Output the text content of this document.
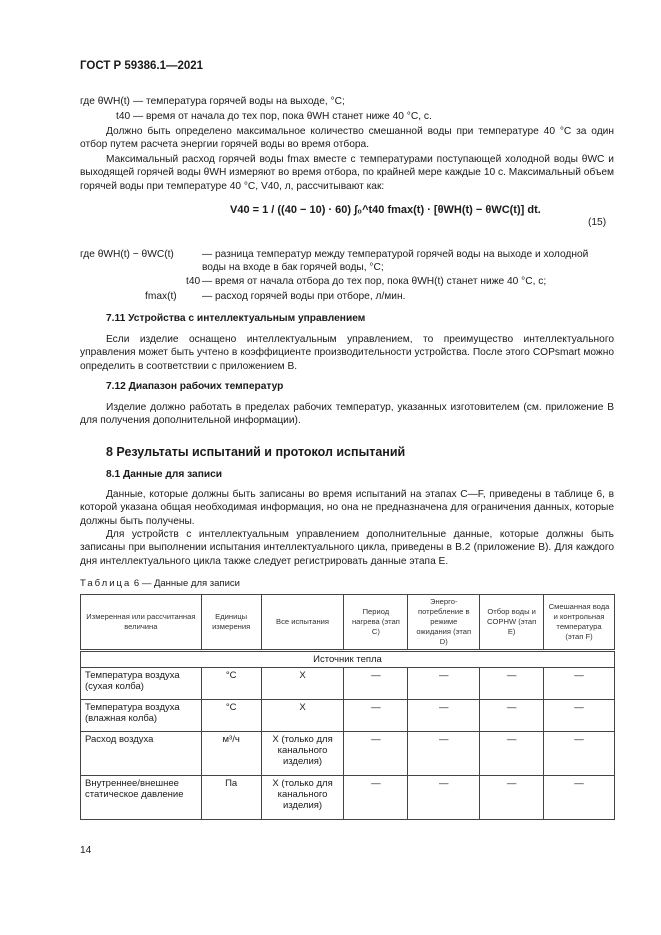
ГОСТ Р 59386.1—2021
где θWH(t) — температура горячей воды на выходе, °С;
t40 — время от начала до тех пор, пока θWH станет ниже 40 °С, с.
Должно быть определено максимальное количество смешанной воды при температуре 40 °С за один отбор путем расчета энергии горячей воды во время отбора.
Максимальный расход горячей воды fmax вместе с температурами поступающей холодной воды θWC и выходящей горячей воды θWH измеряют во время отбора, по крайней мере каждые 10 с. Максимальный объем горячей воды при температуре 40 °С, V40, л, рассчитывают как:
V40 = 1 / ((40 − 10) · 60) ∫₀^t40 fmax(t) · [θWH(t) − θWC(t)] dt.
(15)
где θWH(t) − θWC(t)	— разница температур между температурой горячей воды на выходе и холодной воды на входе в бак горячей воды, °С;
t40 — время от начала отбора до тех пор, пока θWH(t) станет ниже 40 °С, с;
fmax(t) — расход горячей воды при отборе, л/мин.
7.11 Устройства с интеллектуальным управлением
Если изделие оснащено интеллектуальным управлением, то преимущество интеллектуального управления может быть учтено в коэффициенте производительности устройства. После этого COPsmart можно определить в соответствии с приложением В.
7.12 Диапазон рабочих температур
Изделие должно работать в пределах рабочих температур, указанных изготовителем (см. приложение В для получения дополнительной информации).
8 Результаты испытаний и протокол испытаний
8.1 Данные для записи
Данные, которые должны быть записаны во время испытаний на этапах С—F, приведены в таблице 6, в которой указана общая необходимая информация, но она не предназначена для ограничения данных, которые должны быть получены.
Для устройств с интеллектуальным управлением дополнительные данные, которые должны быть записаны при выполнении испытания интеллектуального цикла, приведены в В.2 (приложение В). Для каждого дня интеллектуального цикла также следует регистрировать данные этапа Е.
Таблица 6 — Данные для записи
Измеренная или рассчитанная величина	Единицы измерения	Все испытания	Период нагрева (этап С)	Энерго-потребление в режиме ожидания (этап D)	Отбор воды и COPHW (этап Е)	Смешанная вода и контрольная температура (этап F)
Источник тепла						
Температура воздуха (сухая колба)	°С	Х	—	—	—	—
Температура воздуха (влажная колба)	°С	Х	—	—	—	—
Расход воздуха	м³/ч	Х (только для канального изделия)	—	—	—	—
Внутреннее/внешнее статическое давление	Па	Х (только для канального изделия)	—	—	—	—
14
